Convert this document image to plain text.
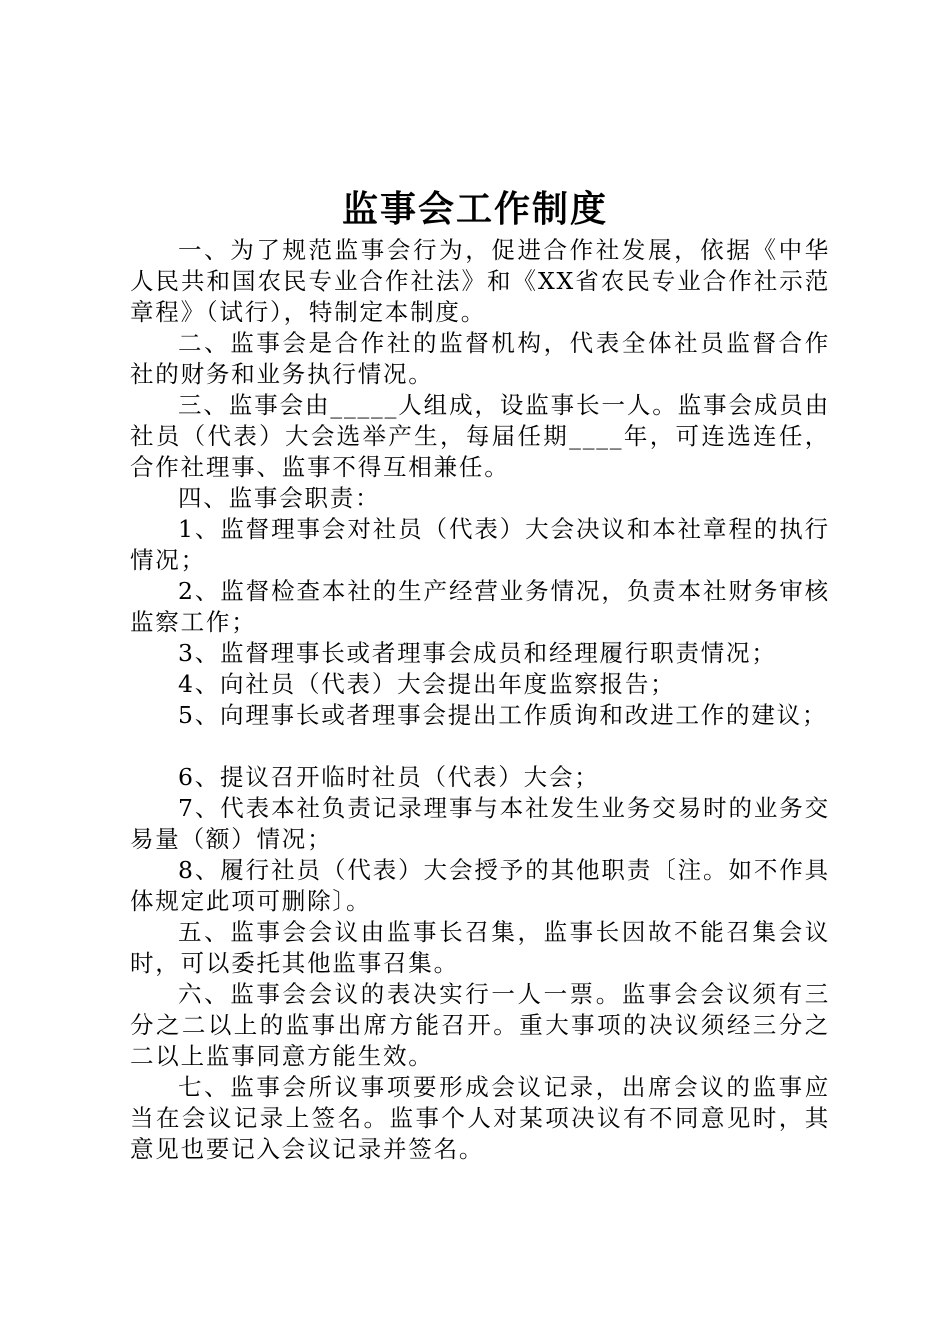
监事会工作制度

一、为了规范监事会行为，促进合作社发展，依据《中华人民共和国农民专业合作社法》和《XX省农民专业合作社示范章程》（试行），特制定本制度。

二、监事会是合作社的监督机构，代表全体社员监督合作社的财务和业务执行情况。

三、监事会由_____人组成，设监事长一人。监事会成员由社员（代表）大会选举产生，每届任期____年，可连选连任，合作社理事、监事不得互相兼任。

四、监事会职责：

1、监督理事会对社员（代表）大会决议和本社章程的执行情况；

2、监督检查本社的生产经营业务情况，负责本社财务审核监察工作；

3、监督理事长或者理事会成员和经理履行职责情况；

4、向社员（代表）大会提出年度监察报告；

5、向理事长或者理事会提出工作质询和改进工作的建议；

6、提议召开临时社员（代表）大会；

7、代表本社负责记录理事与本社发生业务交易时的业务交易量（额）情况；

8、履行社员（代表）大会授予的其他职责〔注。如不作具体规定此项可删除〕。

五、监事会会议由监事长召集，监事长因故不能召集会议时，可以委托其他监事召集。

六、监事会会议的表决实行一人一票。监事会会议须有三分之二以上的监事出席方能召开。重大事项的决议须经三分之二以上监事同意方能生效。

七、监事会所议事项要形成会议记录，出席会议的监事应当在会议记录上签名。监事个人对某项决议有不同意见时，其意见也要记入会议记录并签名。
